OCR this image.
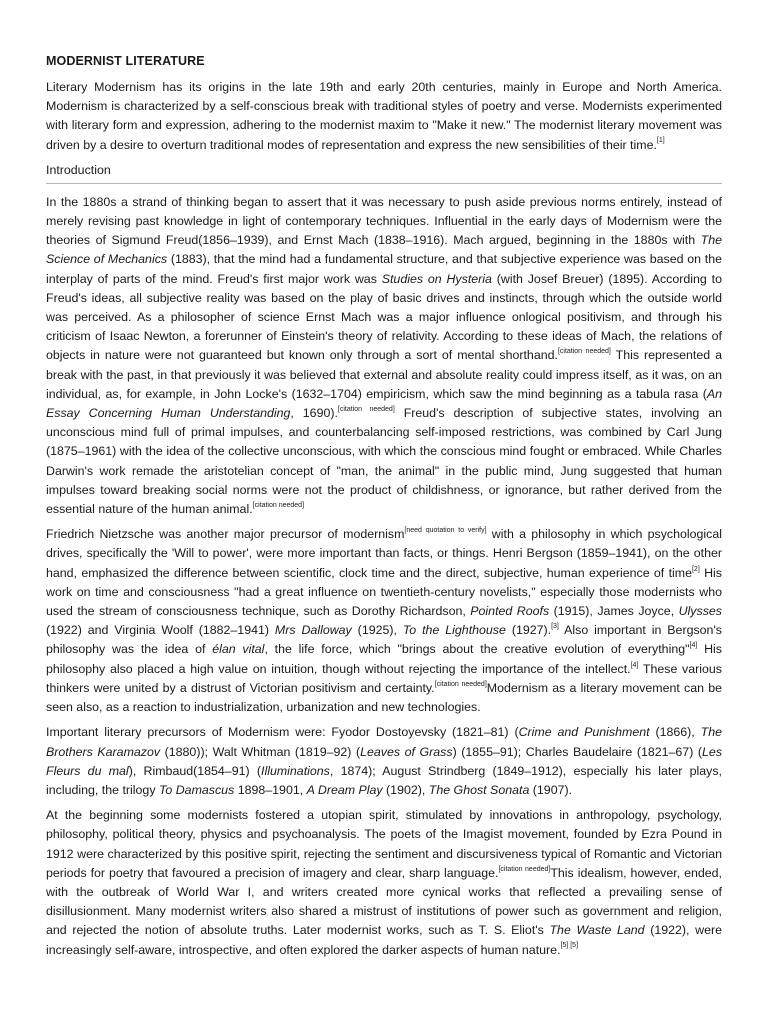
MODERNIST LITERATURE

Literary Modernism has its origins in the late 19th and early 20th centuries, mainly in Europe and North America. Modernism is characterized by a self-conscious break with traditional styles of poetry and verse. Modernists experimented with literary form and expression, adhering to the modernist maxim to "Make it new." The modernist literary movement was driven by a desire to overturn traditional modes of representation and express the new sensibilities of their time.[1]

Introduction

In the 1880s a strand of thinking began to assert that it was necessary to push aside previous norms entirely, instead of merely revising past knowledge in light of contemporary techniques. Influential in the early days of Modernism were the theories of Sigmund Freud(1856–1939), and Ernst Mach (1838–1916). Mach argued, beginning in the 1880s with The Science of Mechanics (1883), that the mind had a fundamental structure, and that subjective experience was based on the interplay of parts of the mind. Freud's first major work was Studies on Hysteria (with Josef Breuer) (1895). According to Freud's ideas, all subjective reality was based on the play of basic drives and instincts, through which the outside world was perceived. As a philosopher of science Ernst Mach was a major influence onlogical positivism, and through his criticism of Isaac Newton, a forerunner of Einstein's theory of relativity. According to these ideas of Mach, the relations of objects in nature were not guaranteed but known only through a sort of mental shorthand.[citation needed] This represented a break with the past, in that previously it was believed that external and absolute reality could impress itself, as it was, on an individual, as, for example, in John Locke's (1632–1704) empiricism, which saw the mind beginning as a tabula rasa (An Essay Concerning Human Understanding, 1690).[citation needed] Freud's description of subjective states, involving an unconscious mind full of primal impulses, and counterbalancing self-imposed restrictions, was combined by Carl Jung (1875–1961) with the idea of the collective unconscious, with which the conscious mind fought or embraced. While Charles Darwin's work remade the aristotelian concept of "man, the animal" in the public mind, Jung suggested that human impulses toward breaking social norms were not the product of childishness, or ignorance, but rather derived from the essential nature of the human animal.[citation needed]

Friedrich Nietzsche was another major precursor of modernism[need quotation to verify] with a philosophy in which psychological drives, specifically the 'Will to power', were more important than facts, or things. Henri Bergson (1859–1941), on the other hand, emphasized the difference between scientific, clock time and the direct, subjective, human experience of time[2] His work on time and consciousness "had a great influence on twentieth-century novelists," especially those modernists who used the stream of consciousness technique, such as Dorothy Richardson, Pointed Roofs (1915), James Joyce, Ulysses (1922) and Virginia Woolf (1882–1941) Mrs Dalloway (1925), To the Lighthouse (1927).[3] Also important in Bergson's philosophy was the idea of élan vital, the life force, which "brings about the creative evolution of everything"[4] His philosophy also placed a high value on intuition, though without rejecting the importance of the intellect.[4] These various thinkers were united by a distrust of Victorian positivism and certainty.[citation needed]Modernism as a literary movement can be seen also, as a reaction to industrialization, urbanization and new technologies.

Important literary precursors of Modernism were: Fyodor Dostoyevsky (1821–81) (Crime and Punishment (1866), The Brothers Karamazov (1880)); Walt Whitman (1819–92) (Leaves of Grass) (1855–91); Charles Baudelaire (1821–67) (Les Fleurs du mal), Rimbaud(1854–91) (Illuminations, 1874); August Strindberg (1849–1912), especially his later plays, including, the trilogy To Damascus 1898–1901, A Dream Play (1902), The Ghost Sonata (1907).

At the beginning some modernists fostered a utopian spirit, stimulated by innovations in anthropology, psychology, philosophy, political theory, physics and psychoanalysis. The poets of the Imagist movement, founded by Ezra Pound in 1912 were characterized by this positive spirit, rejecting the sentiment and discursiveness typical of Romantic and Victorian periods for poetry that favoured a precision of imagery and clear, sharp language.[citation needed]This idealism, however, ended, with the outbreak of World War I, and writers created more cynical works that reflected a prevailing sense of disillusionment. Many modernist writers also shared a mistrust of institutions of power such as government and religion, and rejected the notion of absolute truths. Later modernist works, such as T. S. Eliot's The Waste Land (1922), were increasingly self-aware, introspective, and often explored the darker aspects of human nature.[5] [5]
